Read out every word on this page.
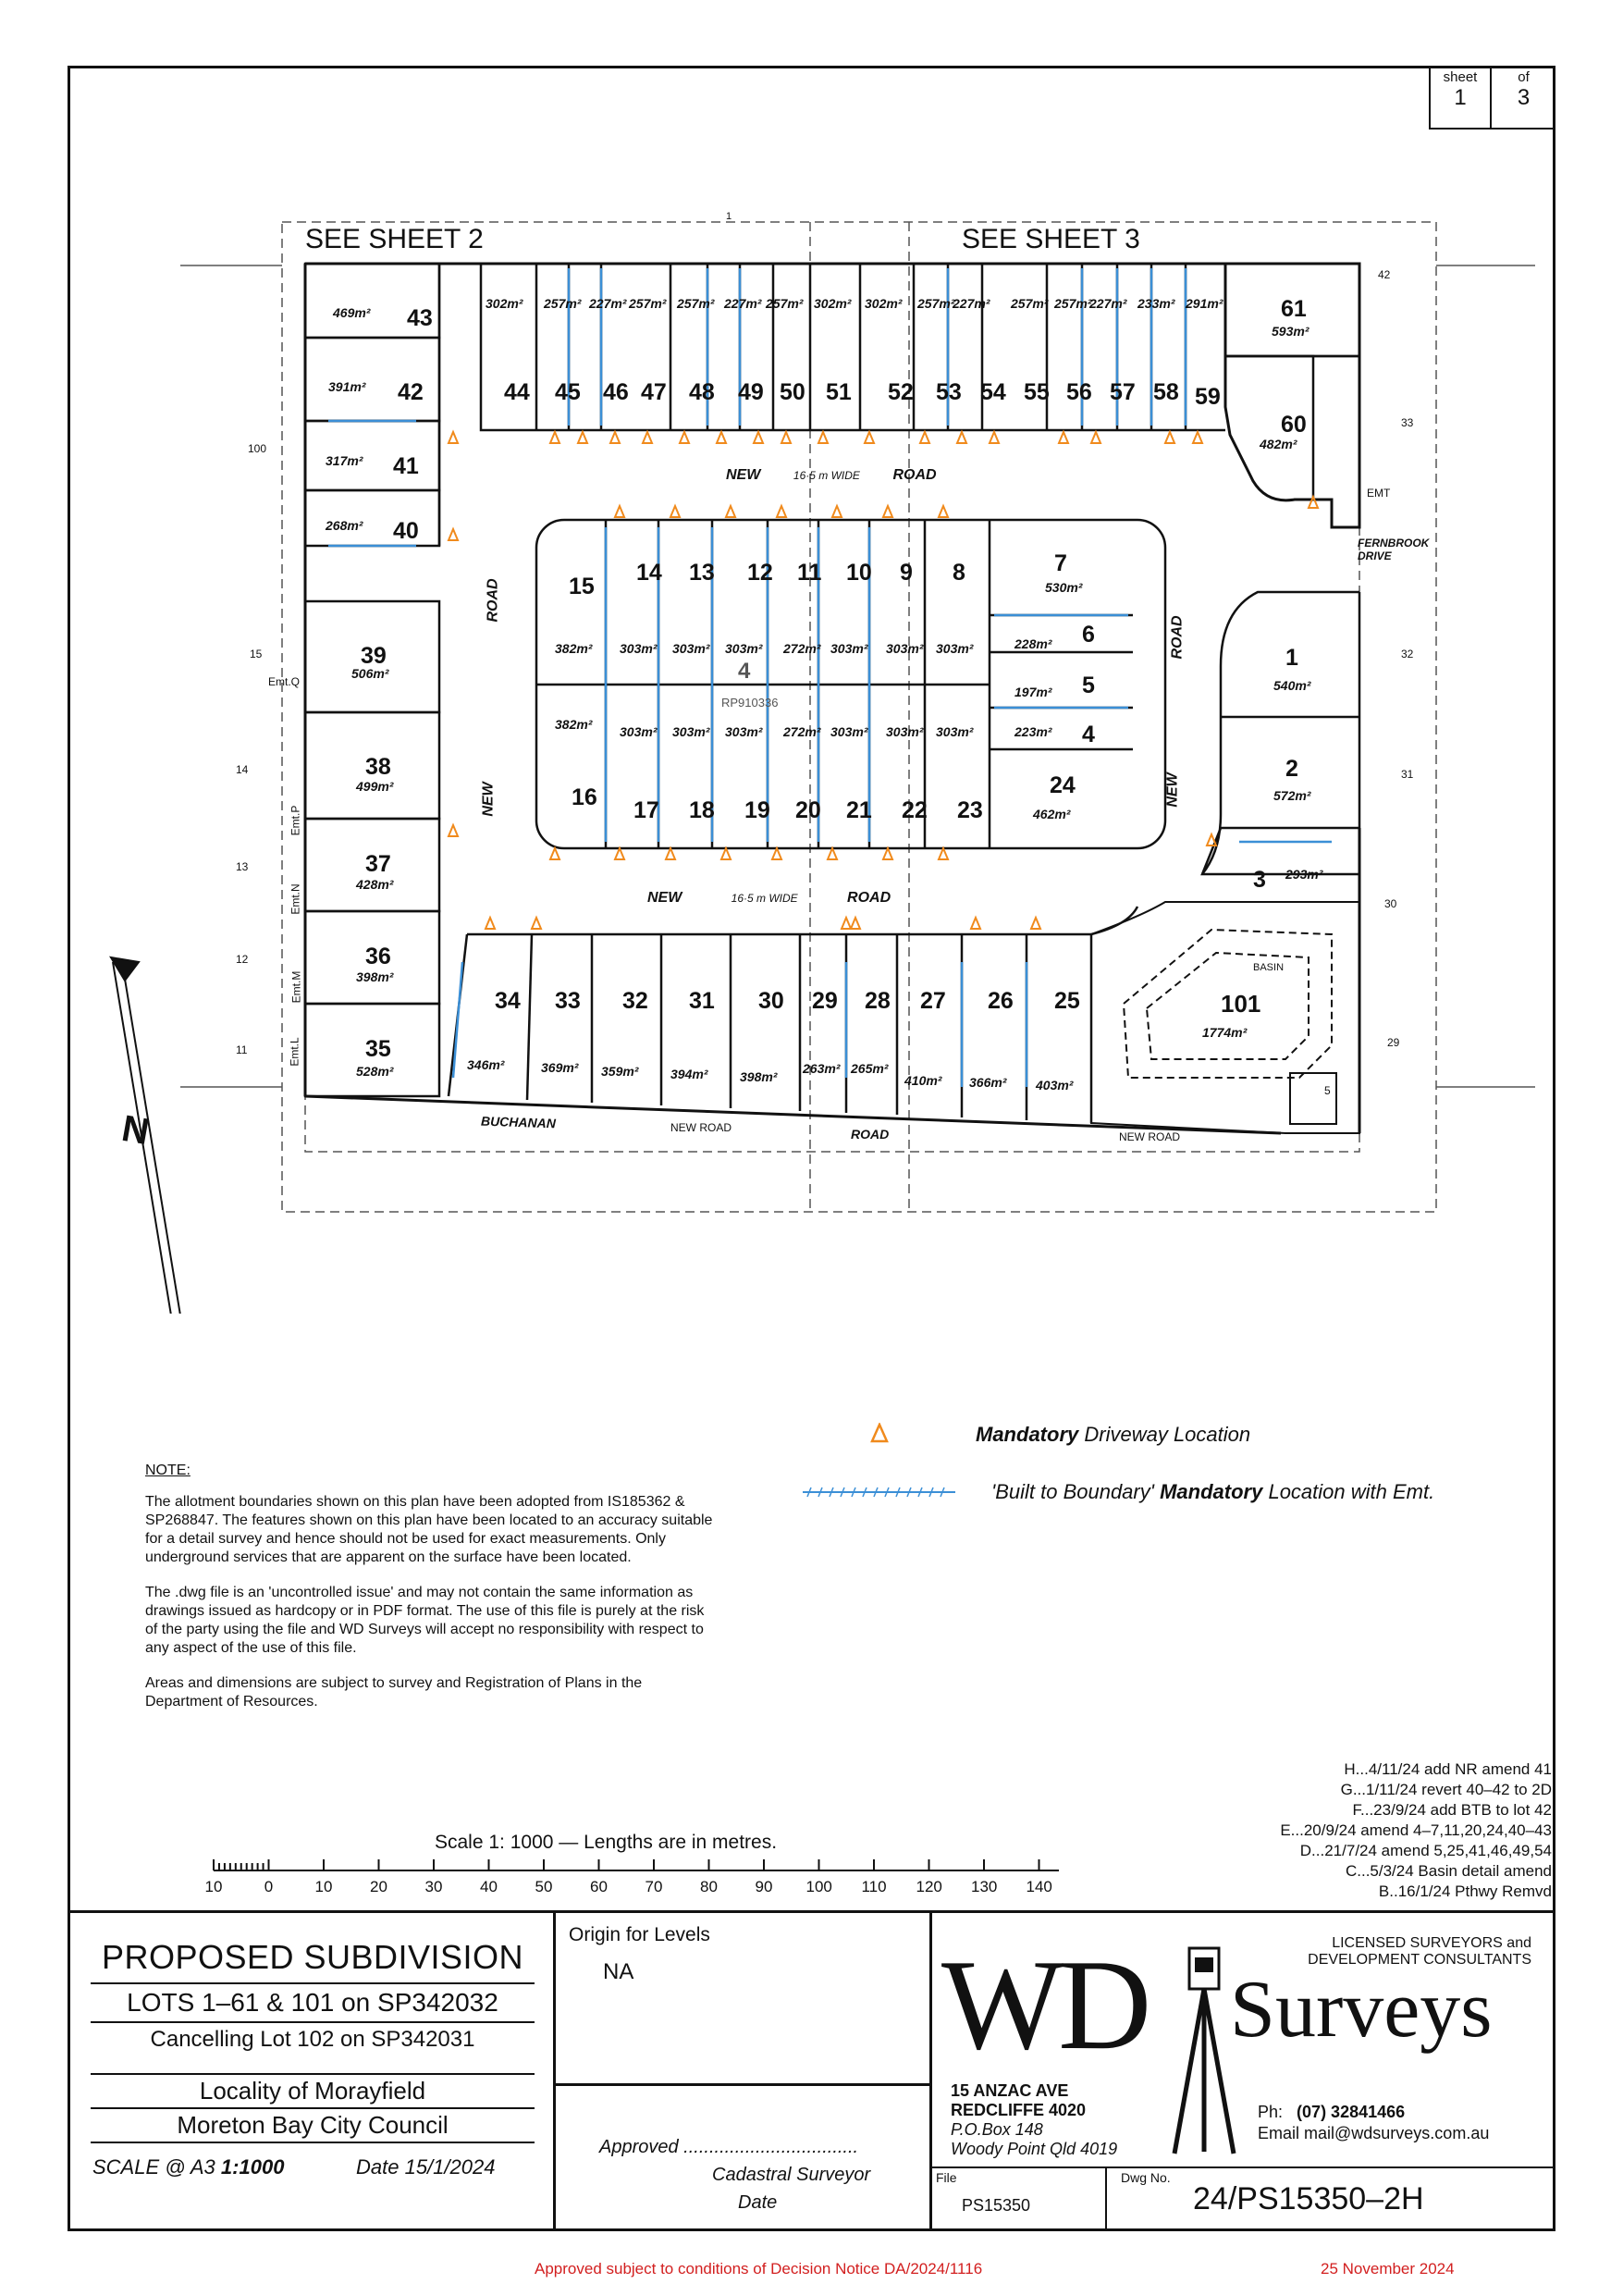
sheet
1
of
3
SEE SHEET 2	SEE SHEET 3
RP910336
4
NEW	16·5 m WIDE ROAD
NEW	16·5 m WIDE	ROAD
NEW
ROAD
NEW
ROAD
BUCHANAN	NEW ROAD
NEW ROAD
ROAD
FERNBROOK DRIVE
EMT
BASIN
N
43
469m²
42
391m²
41
317m²
40
268m²
39
506m²
38
499m²
37
428m²
36
398m²
35
528m²
44
302m²
45
257m²
46
227m²
47
257m²
48
257m²
49
227m²
50
257m²
51
302m²
52
302m²
53
257m²
54
227m²
55
257m²
56
257m²
57
227m²
58
233m²
59
291m²
60
482m²
61
593m²
15
382m²
14
303m²
13
303m²
12
303m²
11
272m²
10
303m²
9
303m²
8
303m²
7
530m²
6
228m²
5
197m²
4
223m²
24
462m²
16
382m²
17
303m²
18
303m²
19
303m²
20
272m²
21
303m²
22
303m²
23
303m²
1
540m²
2
572m²
3 293m²
34
346m²
33
369m²
32
359m²
31
394m²
30
398m²
29
263m²
28
265m²
27
410m²
26
366m²
25
403m²
101
1774m²
100
15
14
13
12
11
42
33
32
31
30
29
5
1
Emt.Q
Emt.P
Emt.N
Emt.M
Emt.L

NOTE:

The allotment boundaries shown on this plan have been adopted from IS185362 & SP268847. The features shown on this plan have been located to an accuracy suitable for a detail survey and hence should not be used for exact measurements. Only underground services that are apparent on the surface have been located.

The .dwg file is an 'uncontrolled issue' and may not contain the same information as drawings issued as hardcopy or in PDF format. The use of this file is purely at the risk of the party using the file and WD Surveys will accept no responsibility with respect to any aspect of the use of this file.

Areas and dimensions are subject to survey and Registration of Plans in the Department of Resources.

Mandatory Driveway Location
'Built to Boundary' Mandatory Location with Emt.
H...4/11/24 add NR amend 41
G...1/11/24 revert 40–42 to 2D
F...23/9/24 add BTB to lot 42
E...20/9/24 amend 4–7,11,20,24,40–43
D...21/7/24 amend 5,25,41,46,49,54
C...5/3/24 Basin detail amend
B..16/1/24 Pthwy Remvd
Scale 1: 1000 — Lengths are in metres.
10	0	10 20 30 40 50 60 70 80 90 100 110 120 130 140
PROPOSED SUBDIVISION
LOTS 1–61 & 101 on SP342032
Cancelling Lot 102 on SP342031
Locality of Morayfield
Moreton Bay City Council
SCALE @ A3 1:1000	Date 15/1/2024
Origin for Levels
NA
Approved ..................................
Cadastral Surveyor
Date
LICENSED SURVEYORS and
DEVELOPMENT CONSULTANTS
WD Surveys
15 ANZAC AVE
REDCLIFFE 4020
P.O.Box 148
Woody Point Qld 4019
Ph: (07) 32841466
Email mail@wdsurveys.com.au
File
PS15350
Dwg No.
24/PS15350–2H
Approved subject to conditions of Decision Notice DA/2024/1116	25 November 2024
